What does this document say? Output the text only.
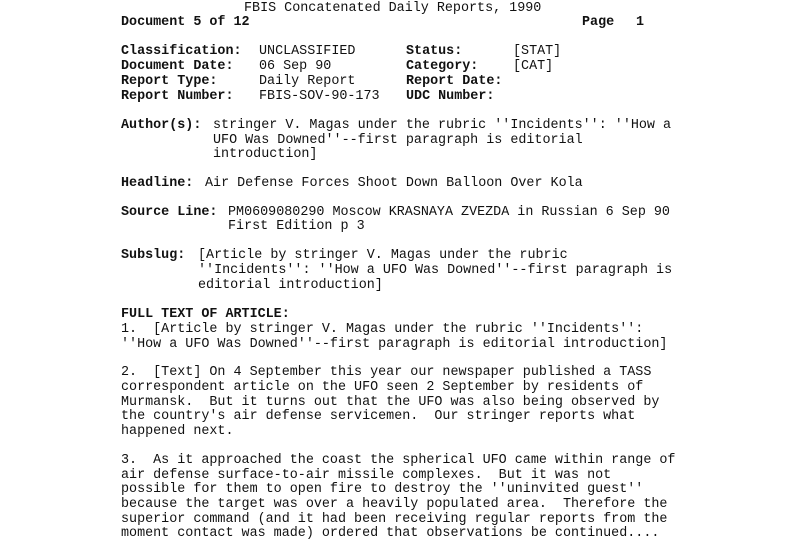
FBIS Concatenated Daily Reports, 1990
Document 5 of 12	Page 1
Classification: UNCLASSIFIED	Status:	[STAT]
Document Date: 06 Sep 90	Category:	[CAT]
Report Type:	Daily Report	Report Date:
Report Number: FBIS-SOV-90-173 UDC Number:
Author(s): stringer V. Magas under the rubric ''Incidents'': ''How a
UFO Was Downed''--first paragraph is editorial
introduction]
Headline: Air Defense Forces Shoot Down Balloon Over Kola
Source Line: PM0609080290 Moscow KRASNAYA ZVEZDA in Russian 6 Sep 90
First Edition p 3
Subslug: [Article by stringer V. Magas under the rubric
''Incidents'': ''How a UFO Was Downed''--first paragraph is
editorial introduction]
FULL TEXT OF ARTICLE:
1.  [Article by stringer V. Magas under the rubric ''Incidents'':
''How a UFO Was Downed''--first paragraph is editorial introduction]
2.  [Text] On 4 September this year our newspaper published a TASS
correspondent article on the UFO seen 2 September by residents of
Murmansk.  But it turns out that the UFO was also being observed by
the country's air defense servicemen.  Our stringer reports what
happened next.
3.  As it approached the coast the spherical UFO came within range of
air defense surface-to-air missile complexes.  But it was not
possible for them to open fire to destroy the ''uninvited guest''
because the target was over a heavily populated area.  Therefore the
superior command (and it had been receiving regular reports from the
moment contact was made) ordered that observations be continued....
